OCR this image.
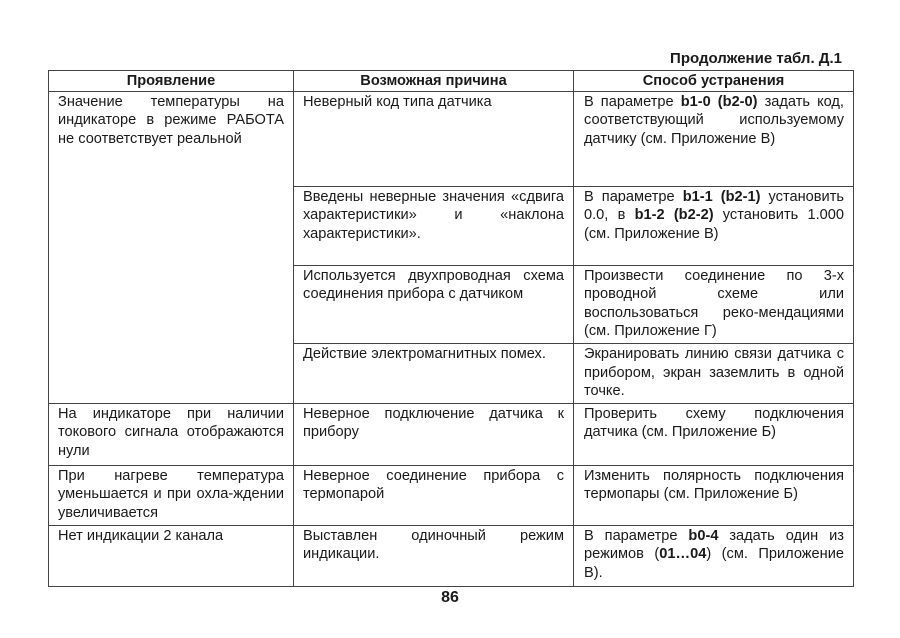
Продолжение табл. Д.1
Проявление	Возможная причина	Способ устранения
Значение температуры на индикаторе в режиме РАБОТА не соответствует реальной	Неверный код типа датчика	В параметре b1-0 (b2-0) задать код, соответствующий используемому датчику (см. Приложение В)
	Введены неверные значения «сдвига характеристики» и «наклона характеристики».	В параметре b1-1 (b2-1) установить 0.0, в b1-2 (b2-2) установить 1.000 (см. Приложение В)
	Используется двухпроводная схема соединения прибора с датчиком	Произвести соединение по 3-х проводной схеме или воспользоваться реко-мендациями (см. Приложение Г)
	Действие электромагнитных помех.	Экранировать линию связи датчика с прибором, экран заземлить в одной точке.
На индикаторе при наличии токового сигнала отображаются нули	Неверное подключение датчика к прибору	Проверить схему подключения датчика (см. Приложение Б)
При нагреве температура уменьшается и при охла-ждении увеличивается	Неверное соединение прибора с термопарой	Изменить полярность подключения термопары (см. Приложение Б)
Нет индикации 2 канала	Выставлен одиночный режим индикации.	В параметре b0-4 задать один из режимов (01…04) (см. Приложение В).
86
